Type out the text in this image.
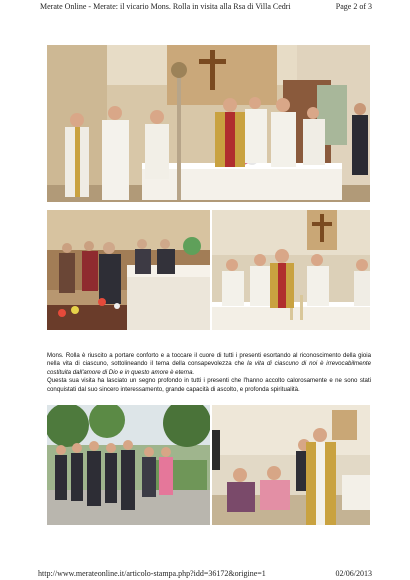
Merate Online - Merate: il vicario Mons. Rolla in visita alla Rsa di Villa Cedri	Page 2 of 3

Mons. Rolla è riuscito a portare conforto e a toccare il cuore di tutti i presenti esortando al riconoscimento della gioia nella vita di ciascuno, sottolineando il tema della consapevolezza che la vita di ciascuno di noi è irrevocabilmente costituita dall'amore di Dio e in questo amore è eterna.

Questa sua visita ha lasciato un segno profondo in tutti i presenti che l'hanno accolto calorosamente e ne sono stati conquistati dal suo sincero interessamento, grande capacità di ascolto, e profonda spiritualità.

http://www.merateonline.it/articolo-stampa.php?idd=36172&origine=1	02/06/2013
